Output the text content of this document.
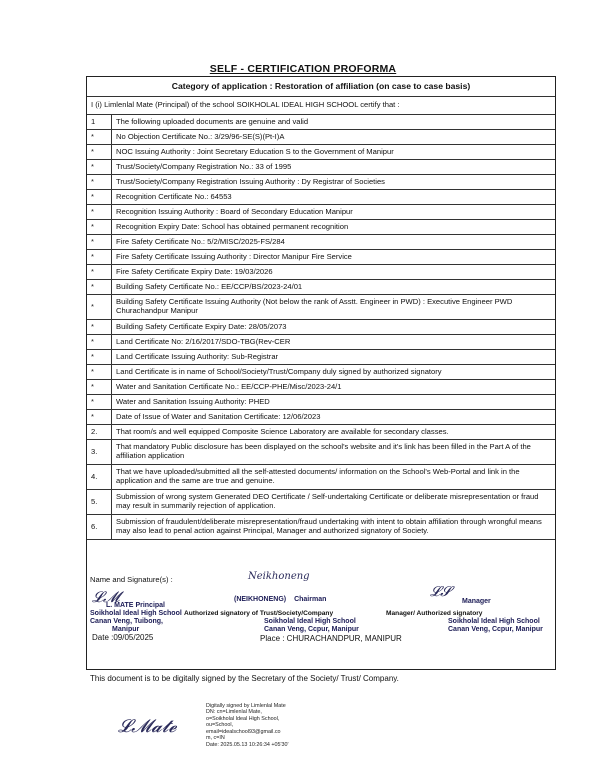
SELF - CERTIFICATION PROFORMA
Category of application : Restoration of affiliation (on case to case basis)	
I (i) Limlenlal Mate (Principal) of the school SOIKHOLAL IDEAL HIGH SCHOOL certify that :	
1	The following uploaded documents are genuine and valid
*	No Objection Certificate No.: 3/29/96-SE(S)(Pt-I)A
*	NOC Issuing Authority : Joint Secretary Education S to the Government of Manipur
*	Trust/Society/Company Registration No.: 33 of 1995
*	Trust/Society/Company Registration Issuing Authority : Dy Registrar of Societies
*	Recognition Certificate No.: 64553
*	Recognition Issuing Authority : Board of Secondary Education Manipur
*	Recognition Expiry Date: School has obtained permanent recognition
*	Fire Safety Certificate No.: 5/2/MISC/2025-FS/284
*	Fire Safety Certificate Issuing Authority : Director Manipur Fire Service
*	Fire Safety Certificate Expiry Date: 19/03/2026
*	Building Safety Certificate No.: EE/CCP/BS/2023-24/01
*	Building Safety Certificate Issuing Authority (Not below the rank of Asstt. Engineer in PWD) : Executive Engineer PWD Churachandpur Manipur
*	Building Safety Certificate Expiry Date: 28/05/2073
*	Land Certificate No: 2/16/2017/SDO-TBG(Rev-CER
*	Land Certificate Issuing Authority: Sub-Registrar
*	Land Certificate is in name of School/Society/Trust/Company duly signed by authorized signatory
*	Water and Sanitation Certificate No.: EE/CCP-PHE/Misc/2023-24/1
*	Water and Sanitation Issuing Authority: PHED
*	Date of Issue of Water and Sanitation Certificate: 12/06/2023
2.	That room/s and well equipped Composite Science Laboratory are available for secondary classes.
3.	That mandatory Public disclosure has been displayed on the school's website and it's link has been filled in the Part A of the affiliation application
4.	That we have uploaded/submitted all the self-attested documents/ information on the School's Web-Portal and link in the application and the same are true and genuine.
5.	Submission of wrong system Generated DEO Certificate / Self-undertaking Certificate or deliberate misrepresentation or fraud may result in summarily rejection of application.
6.	Submission of fraudulent/deliberate misrepresentation/fraud undertaking with intent to obtain affiliation through wrongful means may also lead to penal action against Principal, Manager and authorized signatory of Society.
Name and Signature(s) :
𝓛𝓜
L. MATE Principal
Soikholal Ideal High School
Canan Veng, Tuibong,
Manipur
Date :09/05/2025
Neikhoneng
(NEIKHONENG) Chairman
Authorized signatory of Trust/Society/Company
Soikholal Ideal High School
Canan Veng, Ccpur, Manipur
Place : CHURACHANDPUR, MANIPUR
𝓛𝓢
Manager
Manager/ Authorized signatory
Soikholal Ideal High School
Canan Veng, Ccpur, Manipur
This document is to be digitally signed by the Secretary of the Society/ Trust/ Company.
𝓛𝓜𝓪𝓽𝓮
Digitally signed by Limlenlal Mate
DN: cn=Limlenlal Mate,
o=Soikholal Ideal High School,
ou=School,
email=idealschool93@gmail.co
m, c=IN
Date: 2025.05.13 10:26:34 +05'30'
